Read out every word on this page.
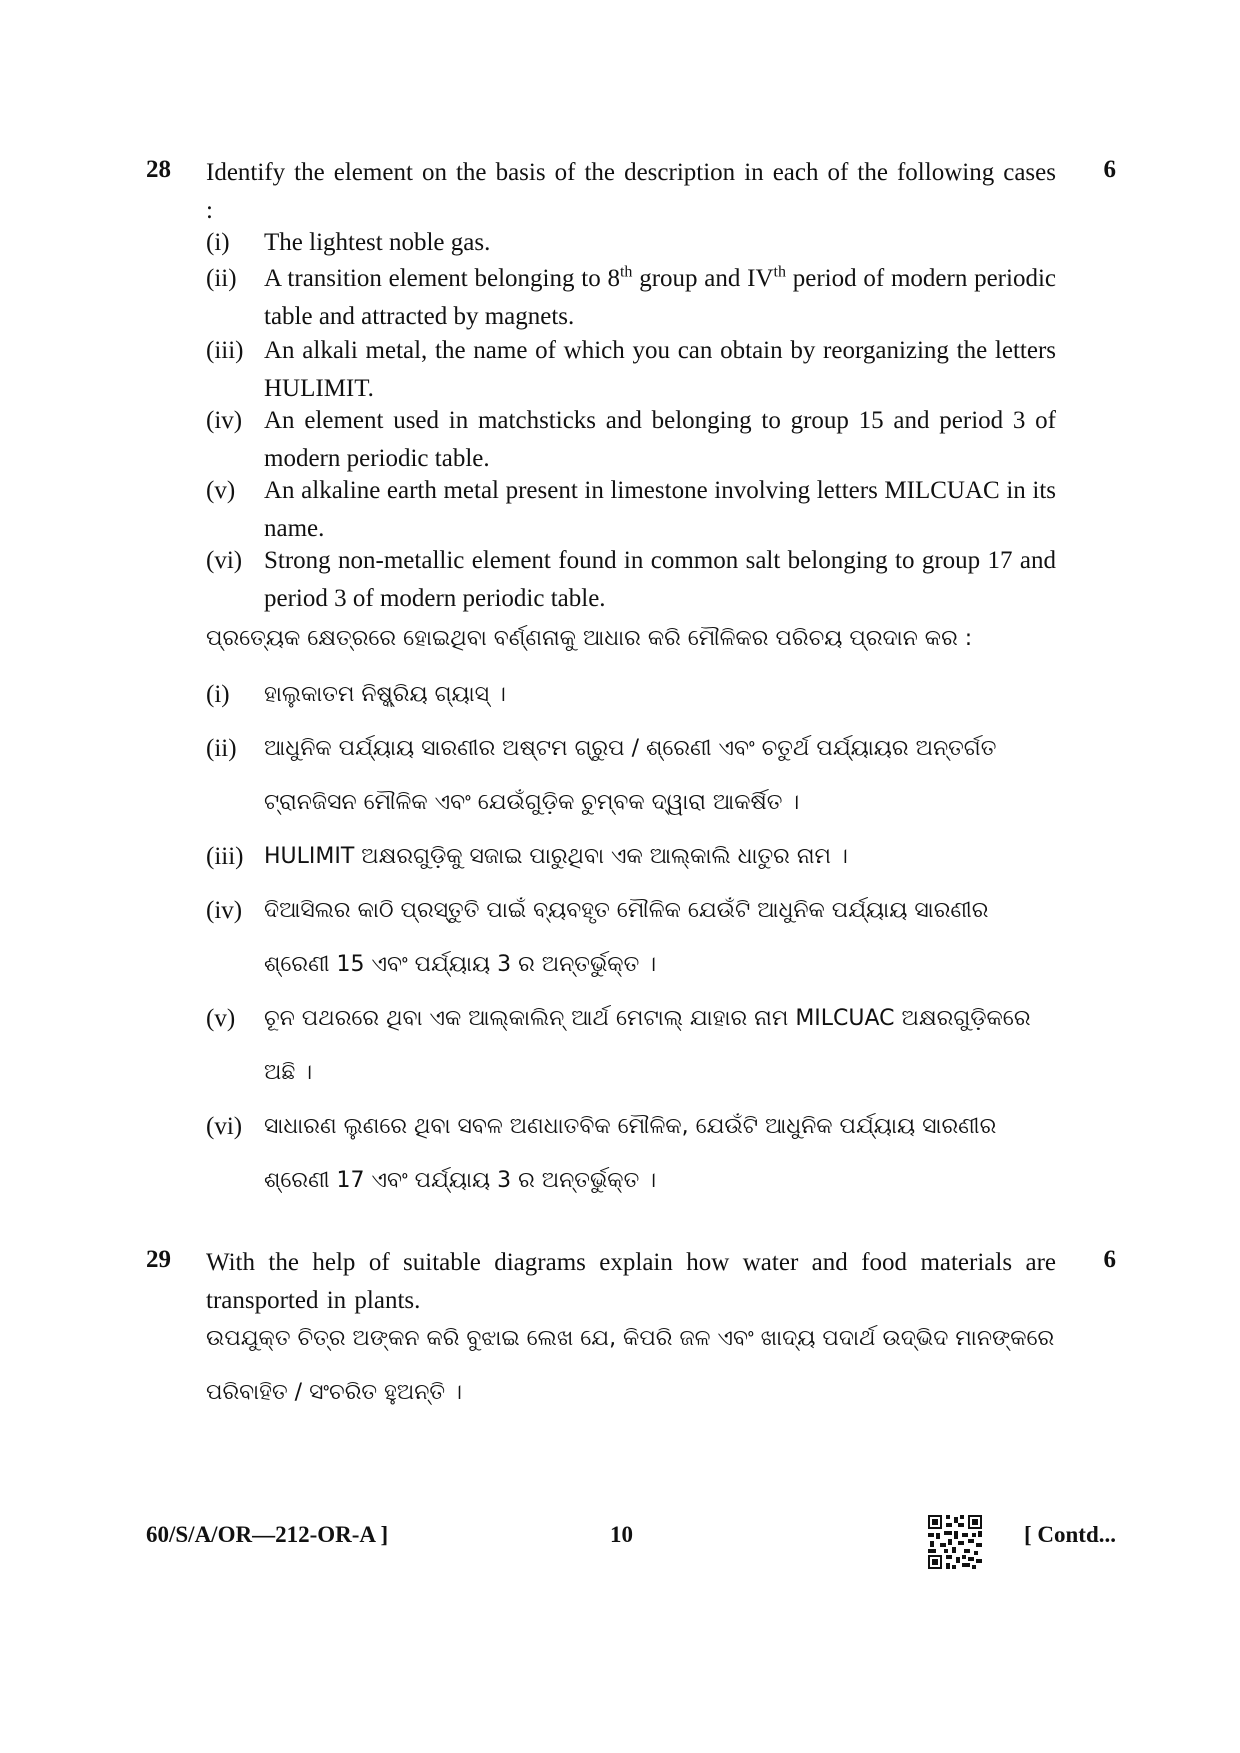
28	6
Identify the element on the basis of the description in each of the following cases :
(i) The lightest noble gas.
(ii) A transition element belonging to 8th group and IVth period of modern periodic table and attracted by magnets.
(iii) An alkali metal, the name of which you can obtain by reorganizing the letters HULIMIT.
(iv) An element used in matchsticks and belonging to group 15 and period 3 of modern periodic table.
(v) An alkaline earth metal present in limestone involving letters MILCUAC in its name.
(vi) Strong non-metallic element found in common salt belonging to group 17 and period 3 of modern periodic table.
ପ୍ରତ୍ୟେକ କ୍ଷେତ୍ରରେ ହୋଇଥିବା ବର୍ଣ୍ଣନାକୁ ଆଧାର କରି ମୌଳିକର ପରିଚୟ ପ୍ରଦାନ କର :
(i) ହାଲୁକାତମ ନିଷ୍କ୍ରିୟ ଗ୍ୟାସ୍ ।
(ii) ଆଧୁନିକ ପର୍ଯ୍ୟାୟ ସାରଣୀର ଅଷ୍ଟମ ଗ୍ରୁପ / ଶ୍ରେଣୀ ଏବଂ ଚତୁର୍ଥ ପର୍ଯ୍ୟାୟର ଅନ୍ତର୍ଗତ ଟ୍ରାନଜିସନ ମୌଳିକ ଏବଂ ଯେଉଁଗୁଡ଼ିକ ଚୁମ୍ବକ ଦ୍ୱାରା ଆକର୍ଷିତ ।
(iii) HULIMIT ଅକ୍ଷରଗୁଡ଼ିକୁ ସଜାଇ ପାରୁଥିବା ଏକ ଆଲ୍‌କାଲି ଧାତୁର ନାମ ।
(iv) ଦିଆସିଲର କାଠି ପ୍ରସ୍ତୁତି ପାଇଁ ବ୍ୟବହୃତ ମୌଳିକ ଯେଉଁଟି ଆଧୁନିକ ପର୍ଯ୍ୟାୟ ସାରଣୀର ଶ୍ରେଣୀ 15 ଏବଂ ପର୍ଯ୍ୟାୟ 3 ର ଅନ୍ତର୍ଭୁକ୍ତ ।
(v) ଚୂନ ପଥରରେ ଥିବା ଏକ ଆଲ୍‌କାଲିନ୍ ଆର୍ଥ ମେଟାଲ୍ ଯାହାର ନାମ MILCUAC ଅକ୍ଷରଗୁଡ଼ିକରେ ଅଛି ।
(vi) ସାଧାରଣ ଲୁଣରେ ଥିବା ସବଳ ଅଣଧାତବିକ ମୌଳିକ, ଯେଉଁଟି ଆଧୁନିକ ପର୍ଯ୍ୟାୟ ସାରଣୀର ଶ୍ରେଣୀ 17 ଏବଂ ପର୍ଯ୍ୟାୟ 3 ର ଅନ୍ତର୍ଭୁକ୍ତ ।
29	6
With the help of suitable diagrams explain how water and food materials are transported in plants.
ଉପଯୁକ୍ତ ଚିତ୍ର ଅଙ୍କନ କରି ବୁଝାଇ ଲେଖ ଯେ, କିପରି ଜଳ ଏବଂ ଖାଦ୍ୟ ପଦାର୍ଥ ଉଦ୍ଭିଦ ମାନଙ୍କରେ ପରିବାହିତ / ସଂଚରିତ ହୁଅନ୍ତି ।
60/S/A/OR—212-OR-A ]	10	[ Contd...
